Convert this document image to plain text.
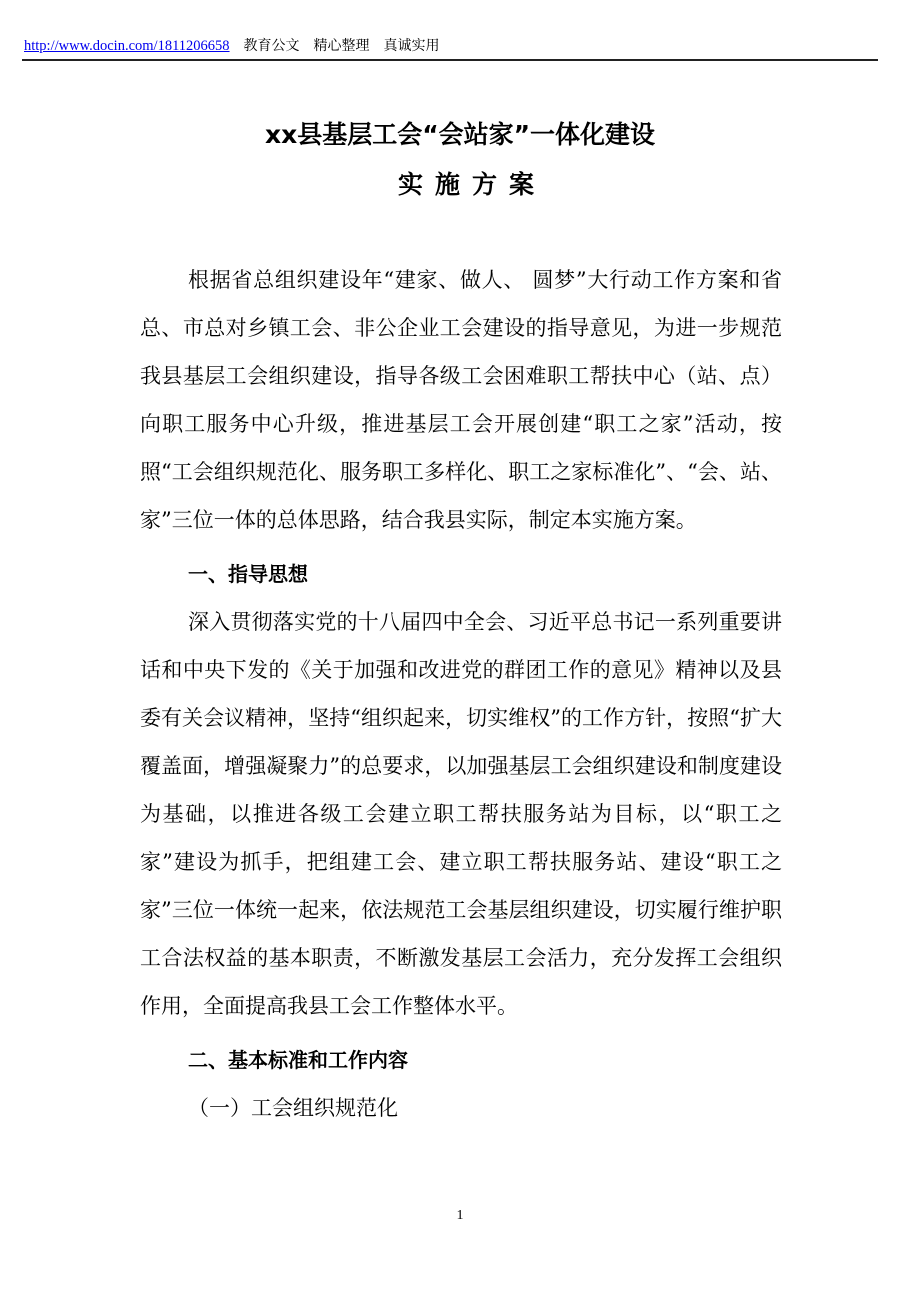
http://www.docin.com/1811206658 教育公文 精心整理 真诚实用
xx县基层工会“会站家”一体化建设
实施方案

根据省总组织建设年“建家、做人、 圆梦”大行动工作方案和省总、市总对乡镇工会、非公企业工会建设的指导意见，为进一步规范我县基层工会组织建设，指导各级工会困难职工帮扶中心（站、点）向职工服务中心升级，推进基层工会开展创建“职工之家”活动，按照“工会组织规范化、服务职工多样化、职工之家标准化”、“会、站、家”三位一体的总体思路，结合我县实际，制定本实施方案。

一、指导思想

深入贯彻落实党的十八届四中全会、习近平总书记一系列重要讲话和中央下发的《关于加强和改进党的群团工作的意见》精神以及县委有关会议精神，坚持“组织起来，切实维权”的工作方针，按照“扩大覆盖面，增强凝聚力”的总要求，以加强基层工会组织建设和制度建设为基础，以推进各级工会建立职工帮扶服务站为目标，以“职工之家”建设为抓手，把组建工会、建立职工帮扶服务站、建设“职工之家”三位一体统一起来，依法规范工会基层组织建设，切实履行维护职工合法权益的基本职责，不断激发基层工会活力，充分发挥工会组织作用，全面提高我县工会工作整体水平。

二、基本标准和工作内容

（一）工会组织规范化

1
